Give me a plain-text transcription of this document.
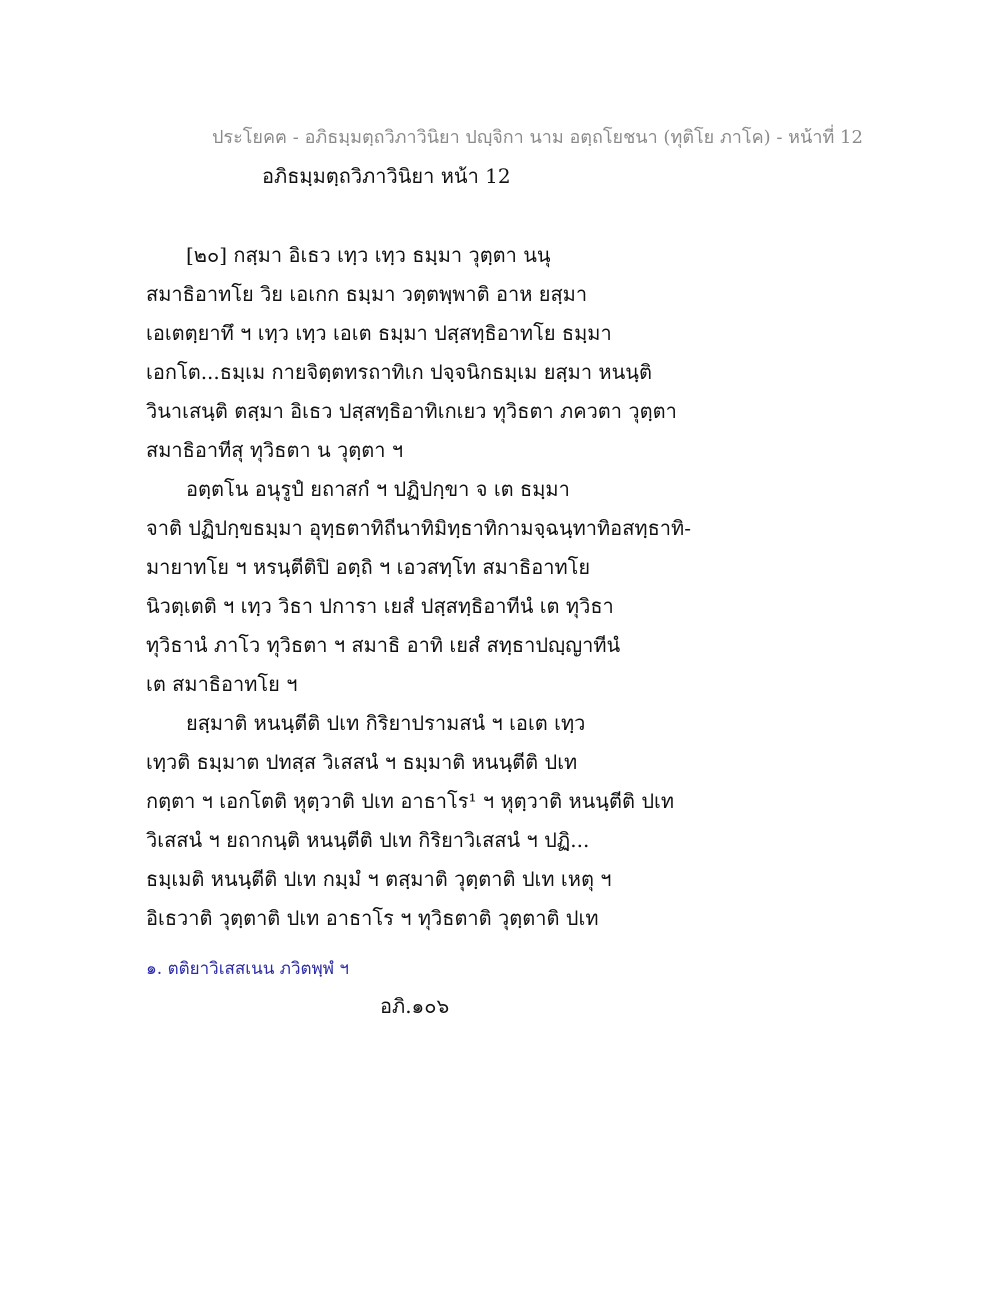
ประโยคฅ - อภิธมฺมตฺถวิภาวินิยา ปญฺจิกา นาม อตฺถโยชนา (ทุติโย ภาโค) - หน้าที่ 12
อภิธมฺมตฺถวิภาวินิยา หน้า 12
[๒๐] กสฺมา อิเธว เทฺว เทฺว ธมฺมา วุตฺตา นนุ
สมาธิอาทโย วิย เอเกก ธมฺมา วตฺตพฺพาติ อาห ยสฺมา
เอเตตฺยาทึ ฯ เทฺว เทฺว เอเต ธมฺมา ปสฺสทฺธิอาทโย ธมฺมา
เอกโต...ธมฺเม กายจิตฺตทรถาทิเก ปจฺจนิกธมฺเม ยสฺมา หนนฺติ
วินาเสนฺติ ตสฺมา อิเธว ปสฺสทฺธิอาทิเกเยว ทุวิธตา ภควตา วุตฺตา
สมาธิอาทีสุ ทุวิธตา น วุตฺตา ฯ
อตฺตโน อนุรูปํ ยถาสกํ ฯ ปฏิปกฺขา จ เต ธมฺมา
จาติ ปฏิปกฺขธมฺมา อุทฺธตาทิถีนาทิมิทฺธาทิกามจฺฉนฺทาทิอสทฺธาทิ-
มายาทโย ฯ หรนฺตีติปิ อตฺถิ ฯ เอวสทฺโท สมาธิอาทโย
นิวตฺเตติ ฯ เทฺว วิธา ปการา เยสํ ปสฺสทฺธิอาทีนํ เต ทุวิธา
ทุวิธานํ ภาโว ทุวิธตา ฯ สมาธิ อาทิ เยสํ สทฺธาปญฺญาทีนํ
เต สมาธิอาทโย ฯ
ยสฺมาติ หนนฺตีติ ปเท กิริยาปรามสนํ ฯ เอเต เทฺว
เทฺวติ ธมฺมาต ปทสฺส วิเสสนํ ฯ ธมฺมาติ หนนฺตีติ ปเท
กตฺตา ฯ เอกโตติ หุตฺวาติ ปเท อาธาโร¹ ฯ หุตฺวาติ หนนฺตีติ ปเท
วิเสสนํ ฯ ยถากนฺติ หนนฺตีติ ปเท กิริยาวิเสสนํ ฯ ปฏิ...
ธมฺเมติ หนนฺตีติ ปเท กมฺมํ ฯ ตสฺมาติ วุตฺตาติ ปเท เหตุ ฯ
อิเธวาติ วุตฺตาติ ปเท อาธาโร ฯ ทุวิธตาติ วุตฺตาติ ปเท
๑. ตติยาวิเสสเนน ภวิตพฺพํ ฯ
อภิ.๑๐๖
